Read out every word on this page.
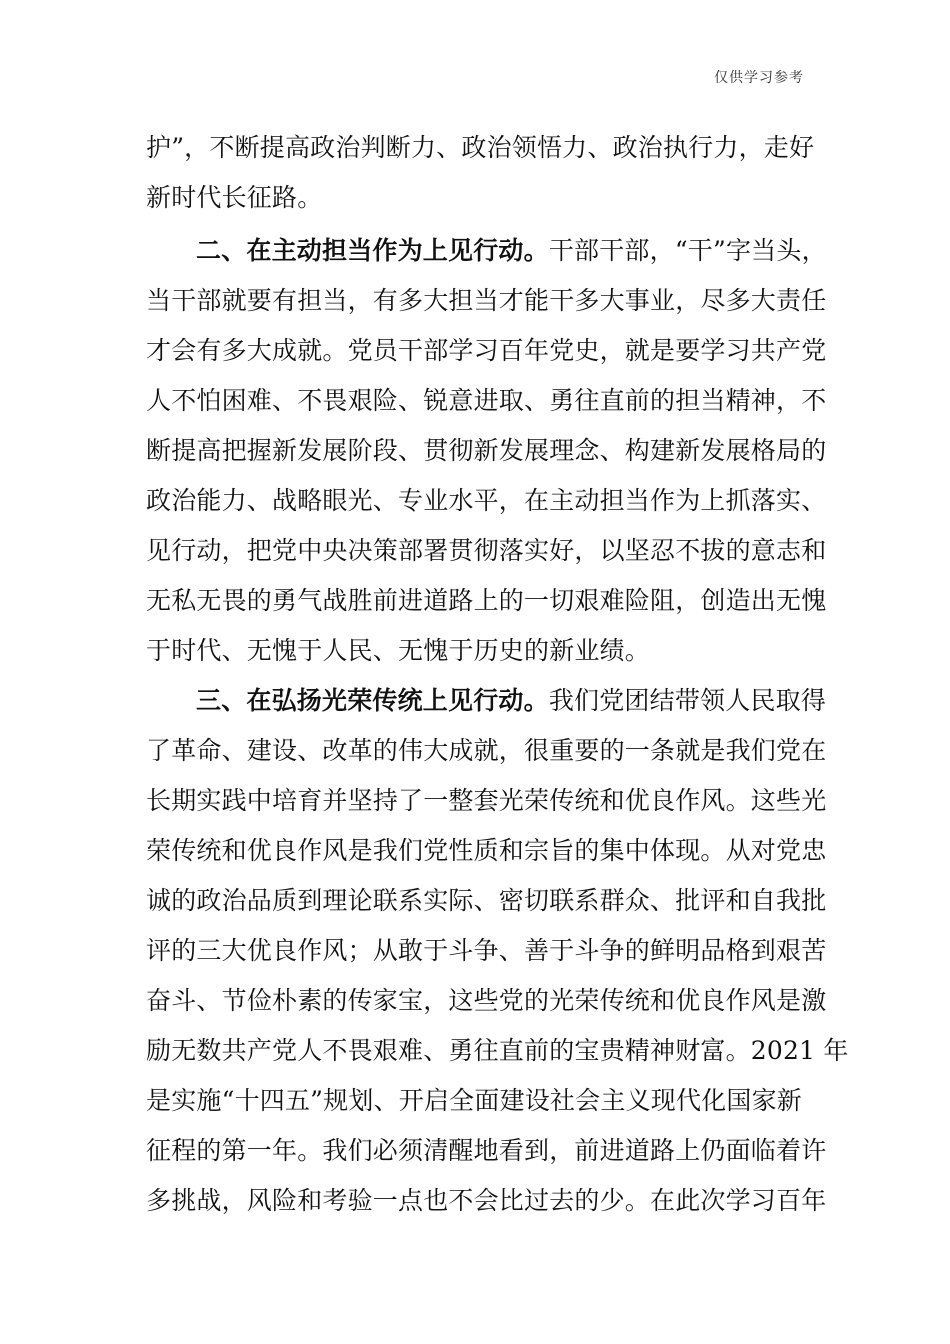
仅供学习参考
护”，不断提高政治判断力、政治领悟力、政治执行力，走好
新时代长征路。
二、在主动担当作为上见行动。干部干部，“干”字当头，
当干部就要有担当，有多大担当才能干多大事业，尽多大责任
才会有多大成就。党员干部学习百年党史，就是要学习共产党
人不怕困难、不畏艰险、锐意进取、勇往直前的担当精神，不
断提高把握新发展阶段、贯彻新发展理念、构建新发展格局的
政治能力、战略眼光、专业水平，在主动担当作为上抓落实、
见行动，把党中央决策部署贯彻落实好，以坚忍不拔的意志和
无私无畏的勇气战胜前进道路上的一切艰难险阻，创造出无愧
于时代、无愧于人民、无愧于历史的新业绩。
三、在弘扬光荣传统上见行动。我们党团结带领人民取得
了革命、建设、改革的伟大成就，很重要的一条就是我们党在
长期实践中培育并坚持了一整套光荣传统和优良作风。这些光
荣传统和优良作风是我们党性质和宗旨的集中体现。从对党忠
诚的政治品质到理论联系实际、密切联系群众、批评和自我批
评的三大优良作风；从敢于斗争、善于斗争的鲜明品格到艰苦
奋斗、节俭朴素的传家宝，这些党的光荣传统和优良作风是激
励无数共产党人不畏艰难、勇往直前的宝贵精神财富。2021 年
是实施“十四五”规划、开启全面建设社会主义现代化国家新
征程的第一年。我们必须清醒地看到，前进道路上仍面临着许
多挑战，风险和考验一点也不会比过去的少。在此次学习百年
